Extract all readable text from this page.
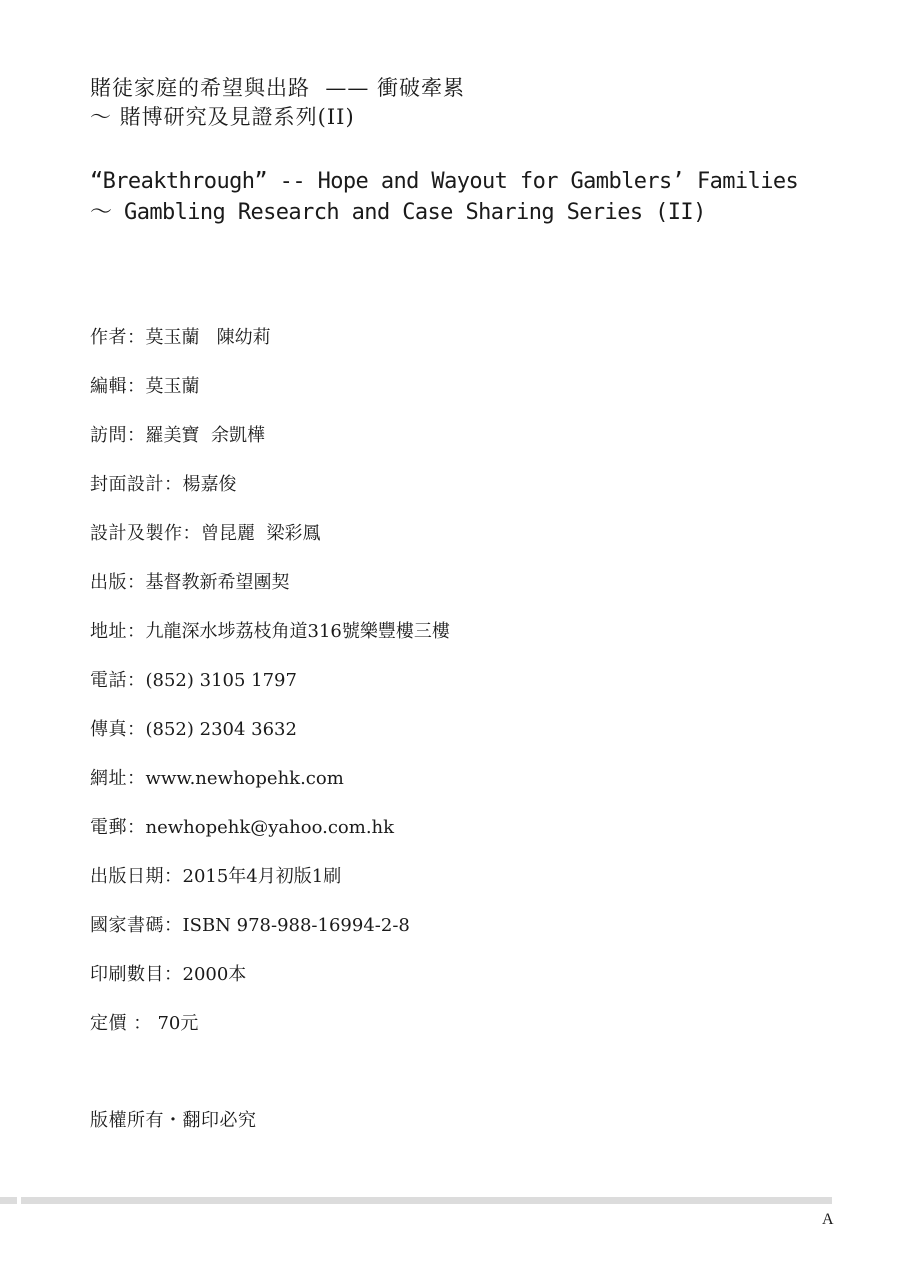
賭徒家庭的希望與出路  —— 衝破牽累
～ 賭博研究及見證系列(II)
“Breakthrough” -- Hope and Wayout for Gamblers’ Families
～ Gambling Research and Case Sharing Series (II)
作者：莫玉蘭   陳幼莉
編輯：莫玉蘭
訪問：羅美寶  余凱樺
封面設計：楊嘉俊
設計及製作：曾昆麗  梁彩鳳
出版：基督教新希望團契
地址：九龍深水埗荔枝角道316號樂豐樓三樓
電話：(852) 3105 1797
傳真：(852) 2304 3632
網址：www.newhopehk.com
電郵：newhopehk@yahoo.com.hk
出版日期：2015年4月初版1刷
國家書碼：ISBN 978-988-16994-2-8
印刷數目：2000本
定價 ： 70元
版權所有・翻印必究
A
